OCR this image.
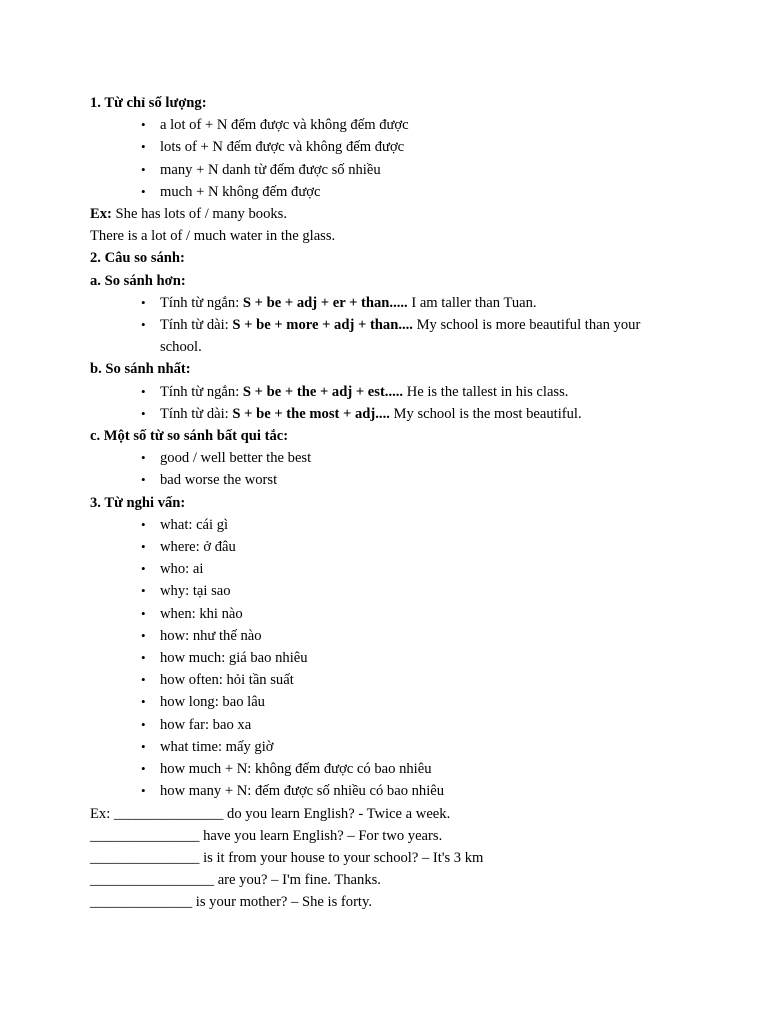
1. Từ chỉ số lượng:
• a lot of + N đếm được và không đếm được
• lots of + N đếm được và không đếm được
• many + N danh từ đếm được số nhiều
• much + N không đếm được
Ex: She has lots of / many books.
There is a lot of / much water in the glass.
2. Câu so sánh:
a. So sánh hơn:
• Tính từ ngắn: S + be + adj + er + than..... I am taller than Tuan.
• Tính từ dài: S + be + more + adj + than.... My school is more beautiful than your school.
b. So sánh nhất:
• Tính từ ngắn: S + be + the + adj + est..... He is the tallest in his class.
• Tính từ dài: S + be + the most + adj.... My school is the most beautiful.
c. Một số từ so sánh bất qui tắc:
• good / well better the best
• bad worse the worst
3. Từ nghi vấn:
• what: cái gì
• where: ở đâu
• who: ai
• why: tại sao
• when: khi nào
• how: như thế nào
• how much: giá bao nhiêu
• how often: hỏi tần suất
• how long: bao lâu
• how far: bao xa
• what time: mấy giờ
• how much + N: không đếm được có bao nhiêu
• how many + N: đếm được số nhiều có bao nhiêu
Ex: _______________ do you learn English? - Twice a week.
_______________ have you learn English? – For two years.
_______________ is it from your house to your school? – It's 3 km
_________________ are you? – I'm fine. Thanks.
______________ is your mother? – She is forty.
